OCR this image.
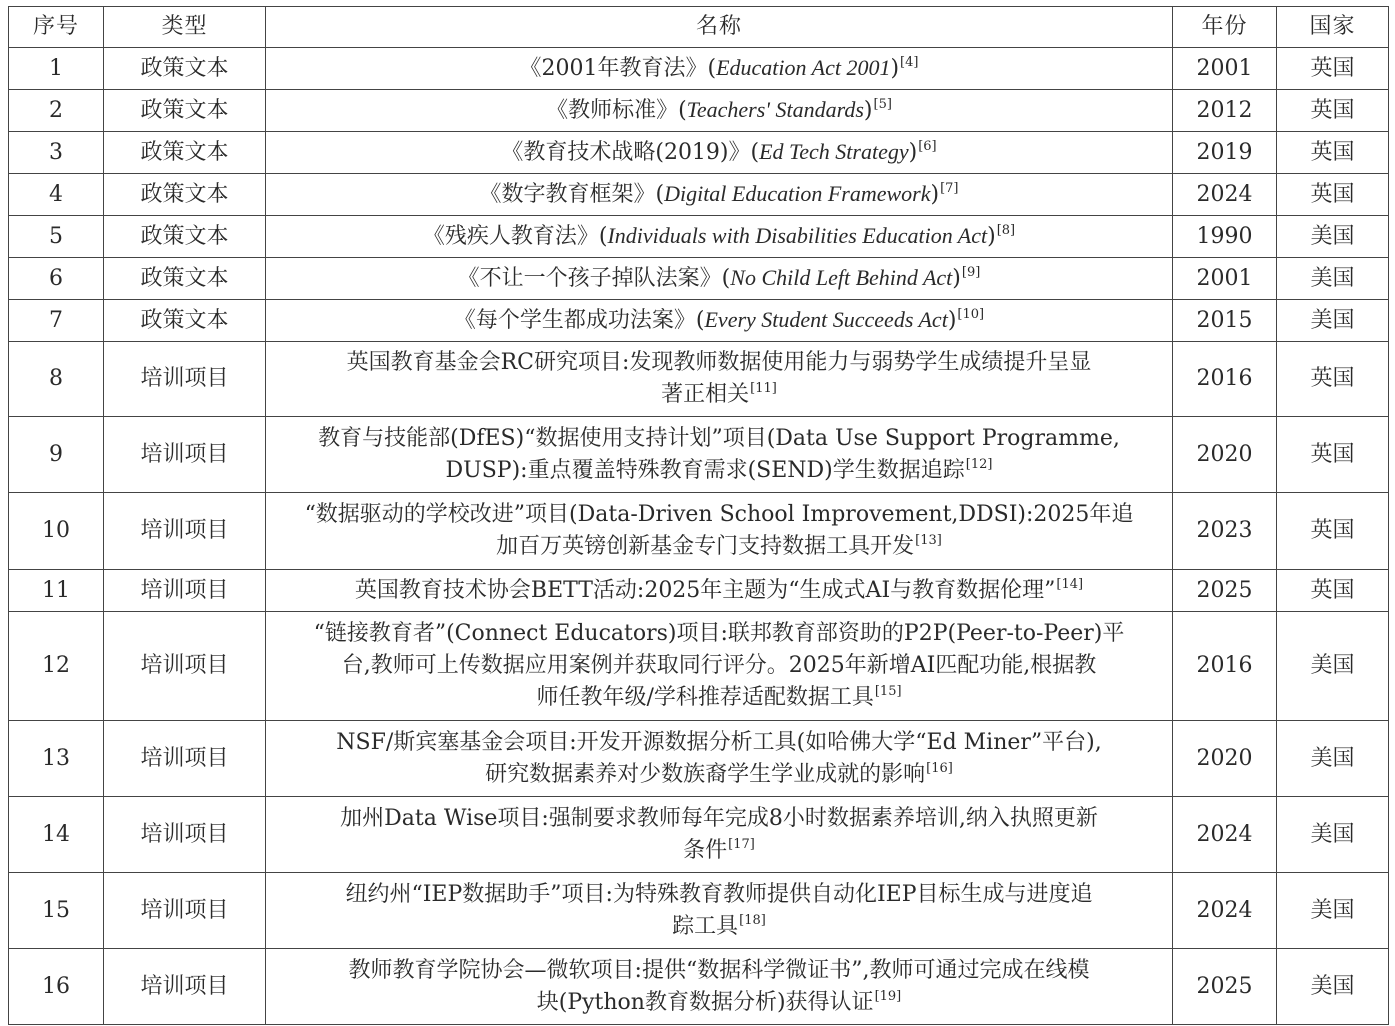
序号	类型	名称	年份	国家
1	政策文本	《2001年教育法》(Education Act 2001)[4]	2001	英国
2	政策文本	《教师标准》(Teachers' Standards)[5]	2012	英国
3	政策文本	《教育技术战略(2019)》(Ed Tech Strategy)[6]	2019	英国
4	政策文本	《数字教育框架》(Digital Education Framework)[7]	2024	英国
5	政策文本	《残疾人教育法》(Individuals with Disabilities Education Act)[8]	1990	美国
6	政策文本	《不让一个孩子掉队法案》(No Child Left Behind Act)[9]	2001	美国
7	政策文本	《每个学生都成功法案》(Every Student Succeeds Act)[10]	2015	美国
8	培训项目	英国教育基金会RC研究项目:发现教师数据使用能力与弱势学生成绩提升呈显
著正相关[11]	2016	英国
9	培训项目	教育与技能部(DfES)“数据使用支持计划”项目(Data Use Support Programme,
DUSP):重点覆盖特殊教育需求(SEND)学生数据追踪[12]	2020	英国
10	培训项目	“数据驱动的学校改进”项目(Data-Driven School Improvement,DDSI):2025年追
加百万英镑创新基金专门支持数据工具开发[13]	2023	英国
11	培训项目	英国教育技术协会BETT活动:2025年主题为“生成式AI与教育数据伦理”[14]	2025	英国
12	培训项目	“链接教育者”(Connect Educators)项目:联邦教育部资助的P2P(Peer-to-Peer)平
台,教师可上传数据应用案例并获取同行评分。2025年新增AI匹配功能,根据教
师任教年级/学科推荐适配数据工具[15]	2016	美国
13	培训项目	NSF/斯宾塞基金会项目:开发开源数据分析工具(如哈佛大学“Ed Miner”平台),
研究数据素养对少数族裔学生学业成就的影响[16]	2020	美国
14	培训项目	加州Data Wise项目:强制要求教师每年完成8小时数据素养培训,纳入执照更新
条件[17]	2024	美国
15	培训项目	纽约州“IEP数据助手”项目:为特殊教育教师提供自动化IEP目标生成与进度追
踪工具[18]	2024	美国
16	培训项目	教师教育学院协会—微软项目:提供“数据科学微证书”,教师可通过完成在线模
块(Python教育数据分析)获得认证[19]	2025	美国
